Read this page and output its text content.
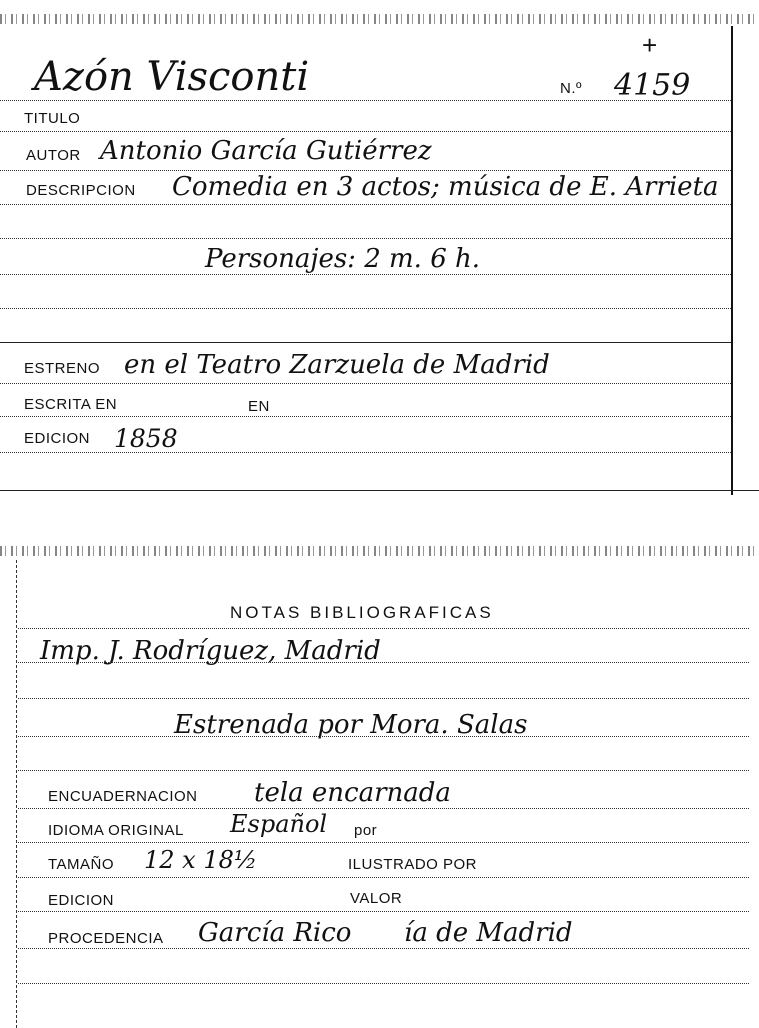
+
Azón Visconti	N.º 4159
TITULO
AUTOR Antonio García Gutiérrez
DESCRIPCION Comedia en 3 actos; música de E. Arrieta
Personajes: 2 m. 6 h.
ESTRENO en el Teatro Zarzuela de Madrid
ESCRITA EN	EN
EDICION 1858
NOTAS BIBLIOGRAFICAS
Imp. J. Rodríguez, Madrid
Estrenada por Mora. Salas
ENCUADERNACION tela encarnada
IDIOMA ORIGINAL Español por
TAMAÑO 12 x 18½	ILUSTRADO POR
EDICION	VALOR
PROCEDENCIA García Rico ía de Madrid
